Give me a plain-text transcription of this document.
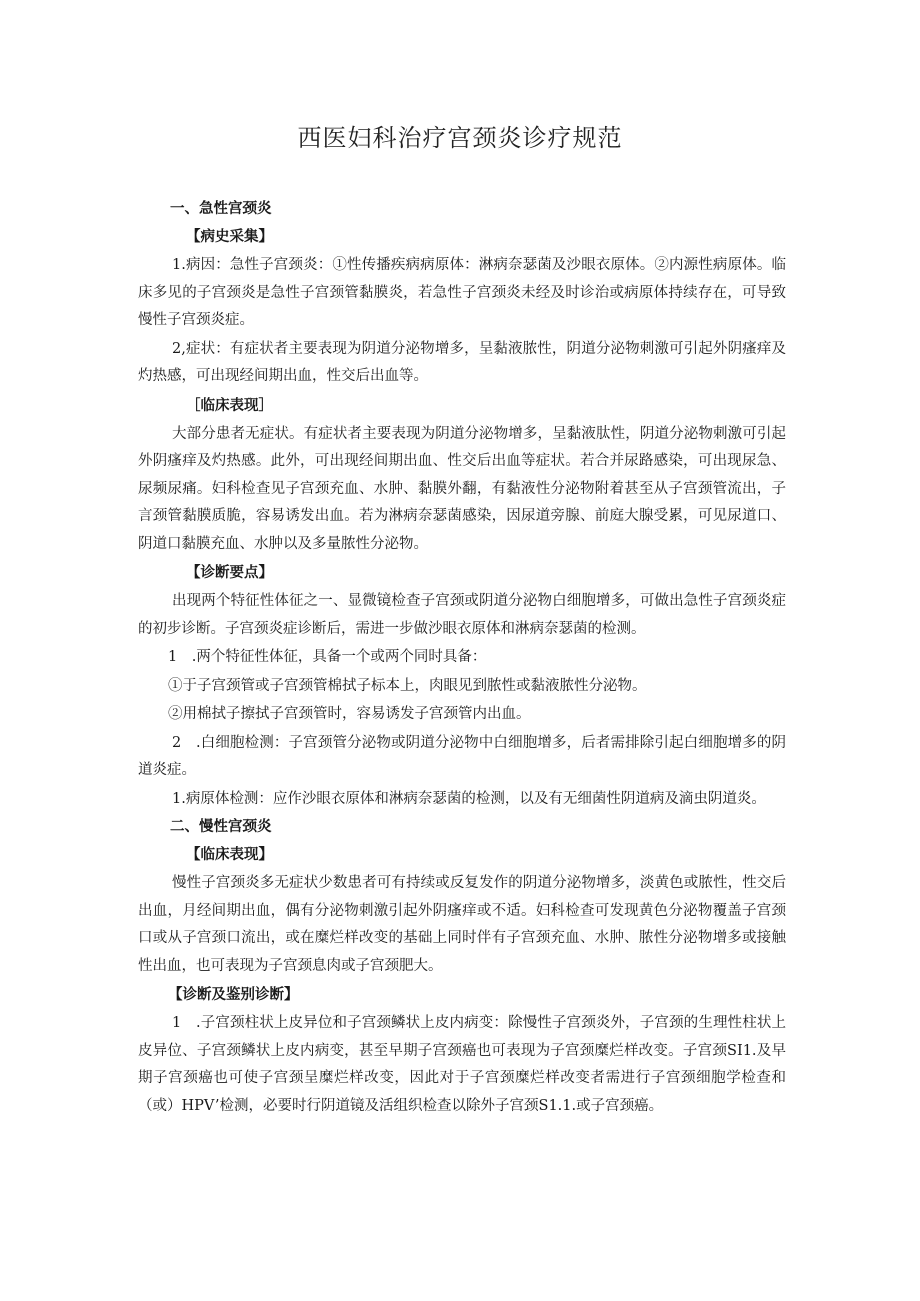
西医妇科治疗宫颈炎诊疗规范
一、急性宫颈炎
【病史采集】

1.病因：急性子宫颈炎：①性传播疾病病原体：淋病奈瑟菌及沙眼衣原体。②内源性病原体。临床多见的子宫颈炎是急性子宫颈管黏膜炎，若急性子宫颈炎未经及时诊治或病原体持续存在，可导致慢性子宫颈炎症。

2,症状：有症状者主要表现为阴道分泌物增多，呈黏液脓性，阴道分泌物刺激可引起外阴瘙痒及灼热感，可出现经间期出血，性交后出血等。

［临床表现］

大部分患者无症状。有症状者主要表现为阴道分泌物增多，呈黏液肽性，阴道分泌物刺激可引起外阴瘙痒及灼热感。此外，可出现经间期出血、性交后出血等症状。若合并尿路感染，可出现尿急、尿频尿痛。妇科检查见子宫颈充血、水肿、黏膜外翻，有黏液性分泌物附着甚至从子宫颈管流出，子言颈管黏膜质脆，容易诱发出血。若为淋病奈瑟菌感染，因尿道旁腺、前庭大腺受累，可见尿道口、阴道口黏膜充血、水肿以及多量脓性分泌物。

【诊断要点】

出现两个特征性体征之一、显微镜检查子宫颈或阴道分泌物白细胞增多，可做出急性子宫颈炎症的初步诊断。子宫颈炎症诊断后，需进一步做沙眼衣原体和淋病奈瑟菌的检测。

1　.两个特征性体征，具备一个或两个同时具备：

①于子宫颈管或子宫颈管棉拭子标本上，肉眼见到脓性或黏液脓性分泌物。

②用棉拭子擦拭子宫颈管时，容易诱发子宫颈管内出血。

2　.白细胞检测：子宫颈管分泌物或阴道分泌物中白细胞增多，后者需排除引起白细胞增多的阴道炎症。

1.病原体检测：应作沙眼衣原体和淋病奈瑟菌的检测，以及有无细菌性阴道病及滴虫阴道炎。

二、慢性宫颈炎
【临床表现】

慢性子宫颈炎多无症状少数患者可有持续或反复发作的阴道分泌物增多，淡黄色或脓性，性交后出血，月经间期出血，偶有分泌物刺激引起外阴瘙痒或不适。妇科检查可发现黄色分泌物覆盖子宫颈口或从子宫颈口流出，或在糜烂样改变的基础上同时伴有子宫颈充血、水肿、脓性分泌物增多或接触性出血，也可表现为子宫颈息肉或子宫颈肥大。

【诊断及鉴别诊断】

1　.子宫颈柱状上皮异位和子宫颈鳞状上皮内病变：除慢性子宫颈炎外，子宫颈的生理性柱状上皮异位、子宫颈鳞状上皮内病变，甚至早期子宫颈癌也可表现为子宫颈糜烂样改变。子宫颈SI1.及早期子宫颈癌也可使子宫颈呈糜烂样改变，因此对于子宫颈糜烂样改变者需进行子宫颈细胞学检查和（或）HPV’检测，必要时行阴道镜及活组织检查以除外子宫颈S1.1.或子宫颈癌。
